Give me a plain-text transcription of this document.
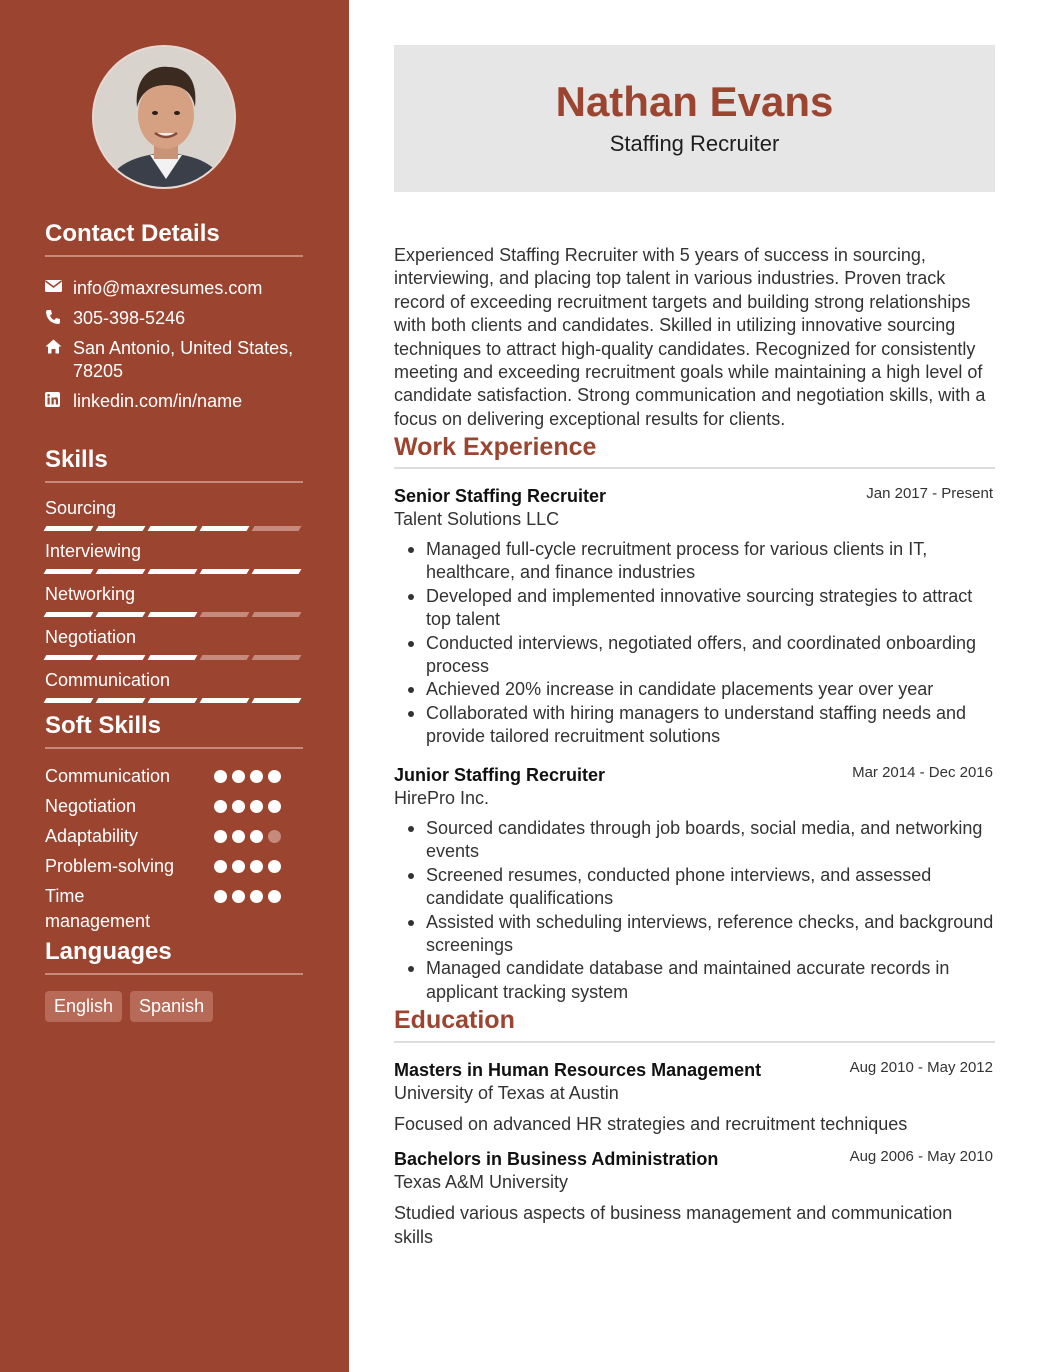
Contact Details
info@maxresumes.com
305-398-5246
San Antonio, United States, 78205
linkedin.com/in/name
Skills
Sourcing
Interviewing
Networking
Negotiation
Communication
Soft Skills
Communication
Negotiation
Adaptability
Problem-solving
Time management
Languages
English	Spanish
Nathan Evans
Staffing Recruiter
Experienced Staffing Recruiter with 5 years of success in sourcing, interviewing, and placing top talent in various industries. Proven track record of exceeding recruitment targets and building strong relationships with both clients and candidates. Skilled in utilizing innovative sourcing techniques to attract high-quality candidates. Recognized for consistently meeting and exceeding recruitment goals while maintaining a high level of candidate satisfaction. Strong communication and negotiation skills, with a focus on delivering exceptional results for clients.
Work Experience
Senior Staffing Recruiter	Jan 2017 - Present
Talent Solutions LLC
Managed full-cycle recruitment process for various clients in IT, healthcare, and finance industries
Developed and implemented innovative sourcing strategies to attract top talent
Conducted interviews, negotiated offers, and coordinated onboarding process
Achieved 20% increase in candidate placements year over year
Collaborated with hiring managers to understand staffing needs and provide tailored recruitment solutions
Junior Staffing Recruiter	Mar 2014 - Dec 2016
HirePro Inc.
Sourced candidates through job boards, social media, and networking events
Screened resumes, conducted phone interviews, and assessed candidate qualifications
Assisted with scheduling interviews, reference checks, and background screenings
Managed candidate database and maintained accurate records in applicant tracking system
Education
Masters in Human Resources Management	Aug 2010 - May 2012
University of Texas at Austin
Focused on advanced HR strategies and recruitment techniques
Bachelors in Business Administration	Aug 2006 - May 2010
Texas A&M University
Studied various aspects of business management and communication skills
